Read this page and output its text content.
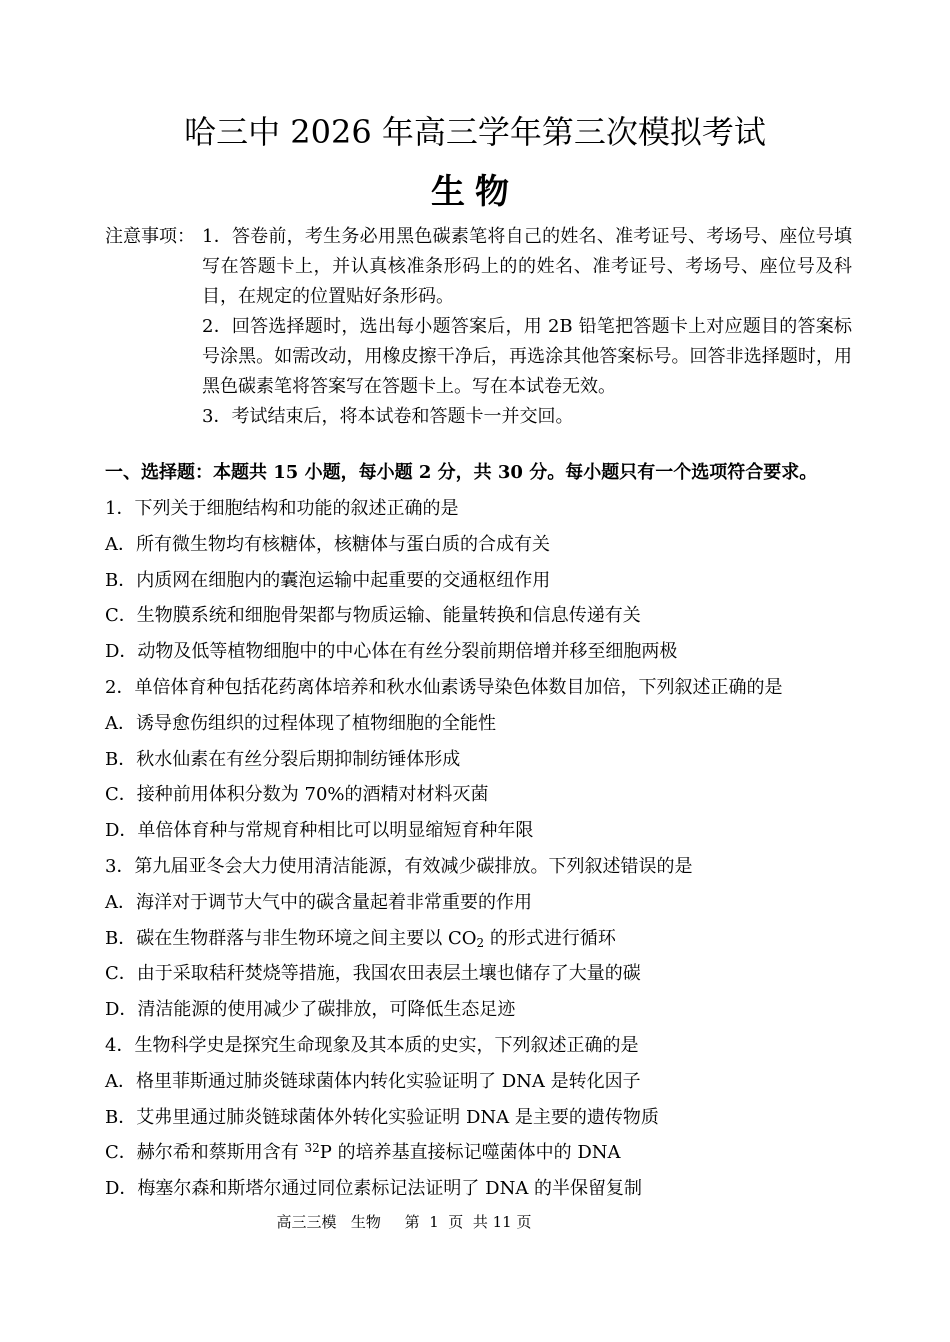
哈三中 2026 年高三学年第三次模拟考试
生物
注意事项： 1．答卷前，考生务必用黑色碳素笔将自己的姓名、准考证号、考场号、座位号填写在答题卡上，并认真核准条形码上的的姓名、准考证号、考场号、座位号及科目，在规定的位置贴好条形码。

2．回答选择题时，选出每小题答案后，用 2B 铅笔把答题卡上对应题目的答案标号涂黑。如需改动，用橡皮擦干净后，再选涂其他答案标号。回答非选择题时，用黑色碳素笔将答案写在答题卡上。写在本试卷无效。

3．考试结束后，将本试卷和答题卡一并交回。

一、选择题：本题共 15 小题，每小题 2 分，共 30 分。每小题只有一个选项符合要求。
1．下列关于细胞结构和功能的叙述正确的是
A．所有微生物均有核糖体，核糖体与蛋白质的合成有关
B．内质网在细胞内的囊泡运输中起重要的交通枢纽作用
C．生物膜系统和细胞骨架都与物质运输、能量转换和信息传递有关
D．动物及低等植物细胞中的中心体在有丝分裂前期倍增并移至细胞两极
2．单倍体育种包括花药离体培养和秋水仙素诱导染色体数目加倍，下列叙述正确的是
A．诱导愈伤组织的过程体现了植物细胞的全能性
B．秋水仙素在有丝分裂后期抑制纺锤体形成
C．接种前用体积分数为 70%的酒精对材料灭菌
D．单倍体育种与常规育种相比可以明显缩短育种年限
3．第九届亚冬会大力使用清洁能源，有效减少碳排放。下列叙述错误的是
A．海洋对于调节大气中的碳含量起着非常重要的作用
B．碳在生物群落与非生物环境之间主要以 $CO_2$ 的形式进行循环
C．由于采取秸秆焚烧等措施，我国农田表层土壤也储存了大量的碳
D．清洁能源的使用减少了碳排放，可降低生态足迹
4．生物科学史是探究生命现象及其本质的史实，下列叙述正确的是
A．格里菲斯通过肺炎链球菌体内转化实验证明了 DNA 是转化因子
B．艾弗里通过肺炎链球菌体外转化实验证明 DNA 是主要的遗传物质
C．赫尔希和蔡斯用含有 $^{32}$P 的培养基直接标记噬菌体中的 DNA
D．梅塞尔森和斯塔尔通过同位素标记法证明了 DNA 的半保留复制
高三三模   生物     第  1  页  共 11 页
